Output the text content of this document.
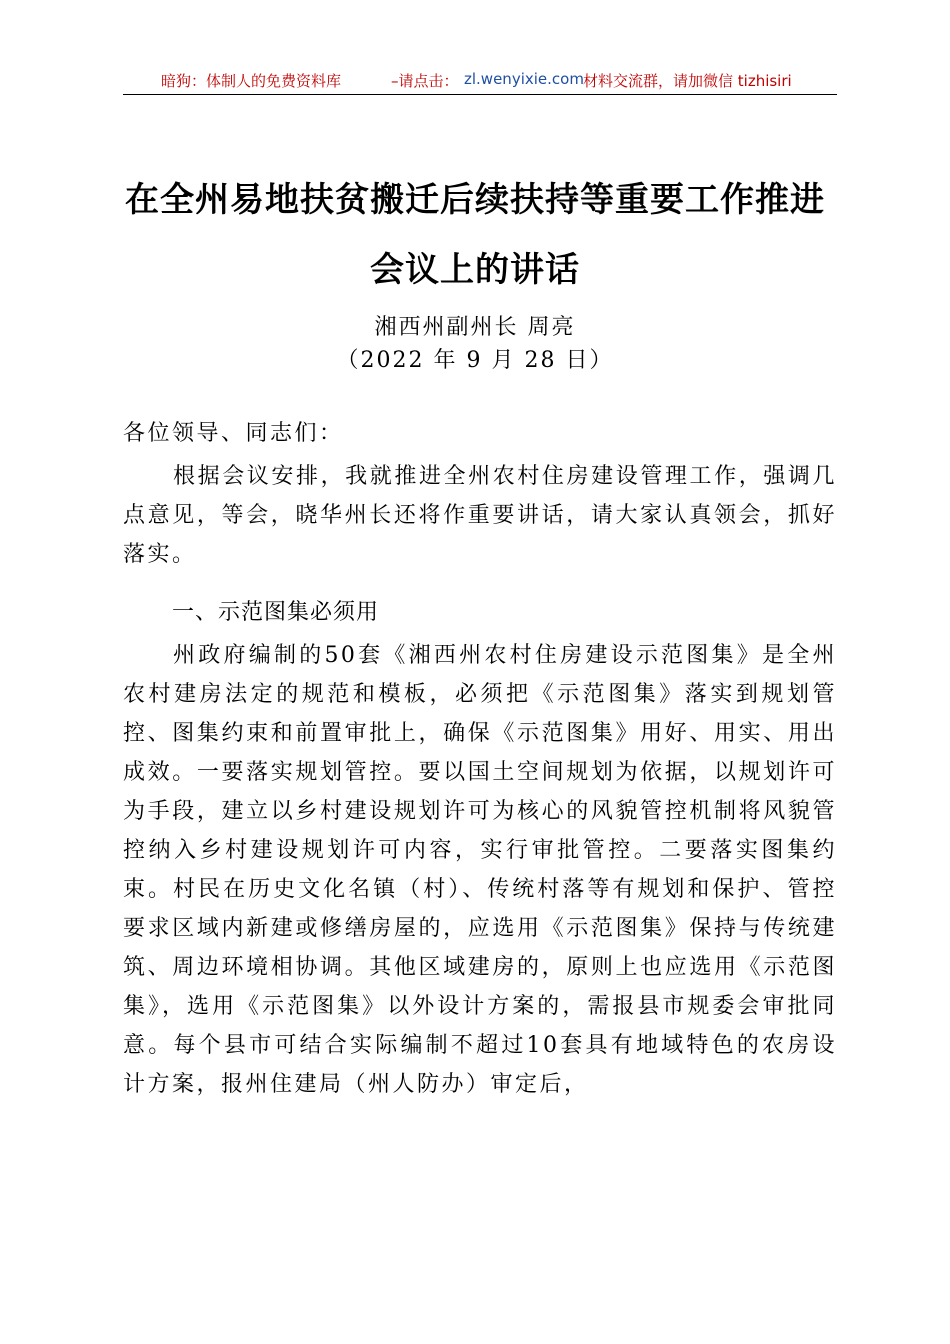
暗狗：体制人的免费资料库	–请点击： zl.wenyixie.com 材料交流群，请加微信 tizhisiri
在全州易地扶贫搬迁后续扶持等重要工作推进
会议上的讲话
湘西州副州长 周亮
（2022 年 9 月 28 日）
各位领导、同志们：
根据会议安排，我就推进全州农村住房建设管理工作，强调几点意见，等会，晓华州长还将作重要讲话，请大家认真领会，抓好落实。
一、示范图集必须用
州政府编制的50套《湘西州农村住房建设示范图集》是全州农村建房法定的规范和模板，必须把《示范图集》落实到规划管控、图集约束和前置审批上，确保《示范图集》用好、用实、用出成效。一要落实规划管控。要以国土空间规划为依据，以规划许可为手段，建立以乡村建设规划许可为核心的风貌管控机制将风貌管控纳入乡村建设规划许可内容，实行审批管控。二要落实图集约束。村民在历史文化名镇（村）、传统村落等有规划和保护、管控要求区域内新建或修缮房屋的，应选用《示范图集》保持与传统建筑、周边环境相协调。其他区域建房的，原则上也应选用《示范图集》，选用《示范图集》以外设计方案的，需报县市规委会审批同意。每个县市可结合实际编制不超过10套具有地域特色的农房设计方案，报州住建局（州人防办）审定后，
